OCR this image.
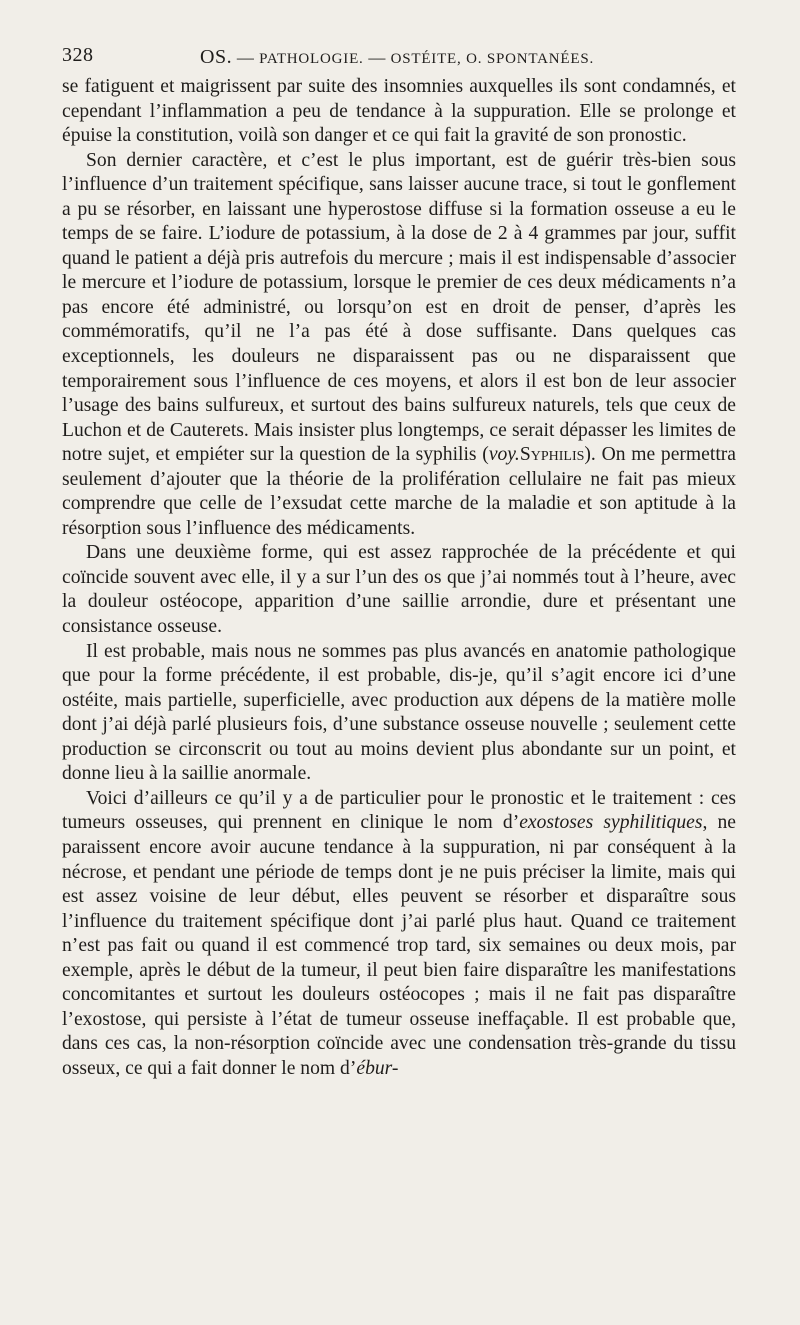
328	OS. — PATHOLOGIE. — OSTÉITE, O. SPONTANÉES.

se fatiguent et maigrissent par suite des insomnies auxquelles ils sont condamnés, et cependant l’inflammation a peu de tendance à la suppuration. Elle se prolonge et épuise la constitution, voilà son danger et ce qui fait la gravité de son pronostic.

Son dernier caractère, et c’est le plus important, est de guérir très-bien sous l’influence d’un traitement spécifique, sans laisser aucune trace, si tout le gonflement a pu se résorber, en laissant une hyperostose diffuse si la formation osseuse a eu le temps de se faire. L’iodure de potassium, à la dose de 2 à 4 grammes par jour, suffit quand le patient a déjà pris autrefois du mercure ; mais il est indispensable d’associer le mercure et l’iodure de potassium, lorsque le premier de ces deux médicaments n’a pas encore été administré, ou lorsqu’on est en droit de penser, d’après les commémoratifs, qu’il ne l’a pas été à dose suffisante. Dans quelques cas exceptionnels, les douleurs ne disparaissent pas ou ne disparaissent que temporairement sous l’influence de ces moyens, et alors il est bon de leur associer l’usage des bains sulfureux, et surtout des bains sulfureux naturels, tels que ceux de Luchon et de Cauterets. Mais insister plus longtemps, ce serait dépasser les limites de notre sujet, et empiéter sur la question de la syphilis (voy.Syphilis). On me permettra seulement d’ajouter que la théorie de la prolifération cellulaire ne fait pas mieux comprendre que celle de l’exsudat cette marche de la maladie et son aptitude à la résorption sous l’influence des médicaments.

Dans une deuxième forme, qui est assez rapprochée de la précédente et qui coïncide souvent avec elle, il y a sur l’un des os que j’ai nommés tout à l’heure, avec la douleur ostéocope, apparition d’une saillie arrondie, dure et présentant une consistance osseuse.

Il est probable, mais nous ne sommes pas plus avancés en anatomie pathologique que pour la forme précédente, il est probable, dis-je, qu’il s’agit encore ici d’une ostéite, mais partielle, superficielle, avec production aux dépens de la matière molle dont j’ai déjà parlé plusieurs fois, d’une substance osseuse nouvelle ; seulement cette production se circonscrit ou tout au moins devient plus abondante sur un point, et donne lieu à la saillie anormale.

Voici d’ailleurs ce qu’il y a de particulier pour le pronostic et le traitement : ces tumeurs osseuses, qui prennent en clinique le nom d’exostoses syphilitiques, ne paraissent encore avoir aucune tendance à la suppuration, ni par conséquent à la nécrose, et pendant une période de temps dont je ne puis préciser la limite, mais qui est assez voisine de leur début, elles peuvent se résorber et disparaître sous l’influence du traitement spécifique dont j’ai parlé plus haut. Quand ce traitement n’est pas fait ou quand il est commencé trop tard, six semaines ou deux mois, par exemple, après le début de la tumeur, il peut bien faire disparaître les manifestations concomitantes et surtout les douleurs ostéocopes ; mais il ne fait pas disparaître l’exostose, qui persiste à l’état de tumeur osseuse ineffaçable. Il est probable que, dans ces cas, la non-résorption coïncide avec une condensation très-grande du tissu osseux, ce qui a fait donner le nom d’ébur-
